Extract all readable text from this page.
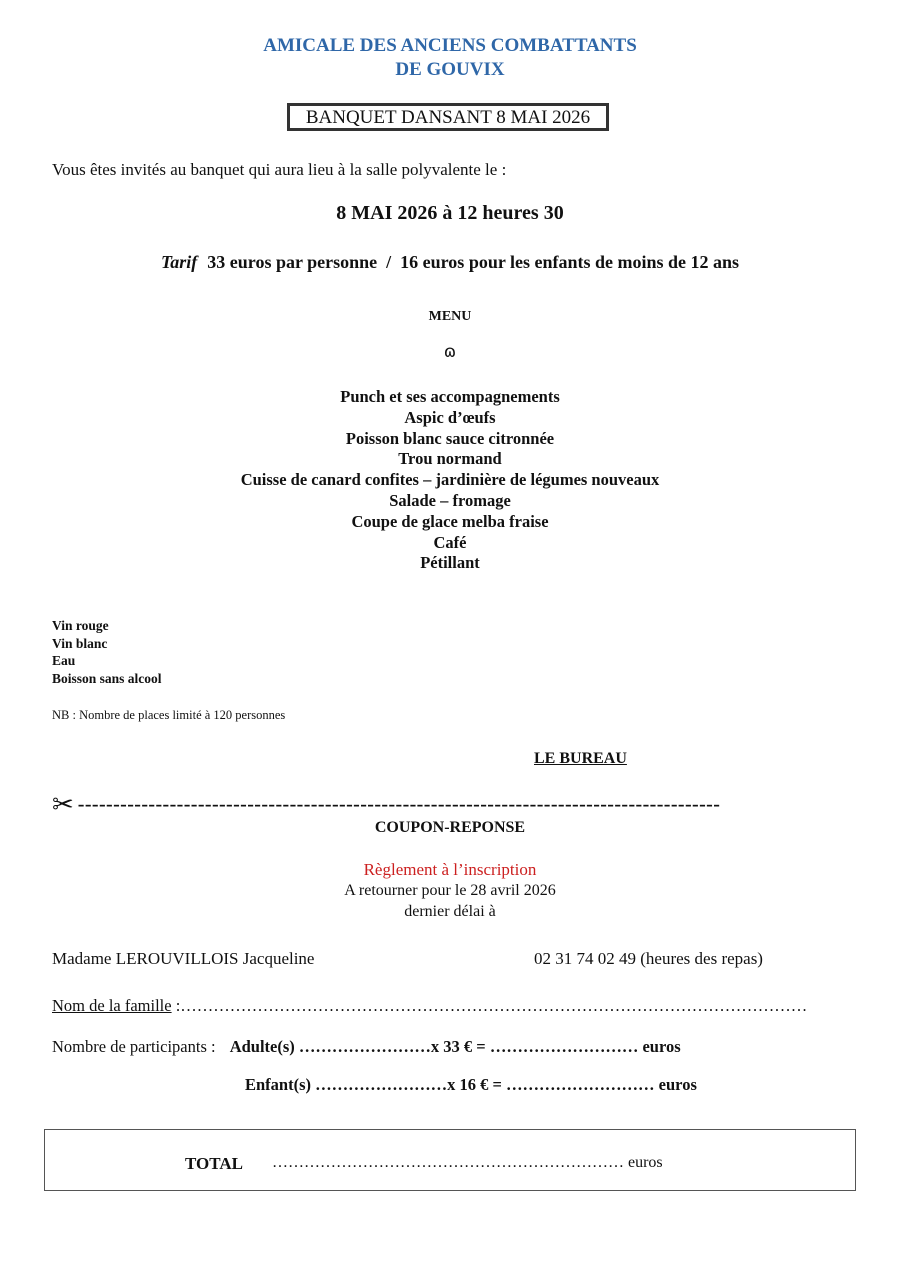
AMICALE DES ANCIENS COMBATTANTS
DE GOUVIX
BANQUET DANSANT 8 MAI 2026
Vous êtes invités au banquet qui aura lieu à la salle polyvalente le :
8 MAI 2026 à 12 heures 30
Tarif 33 euros par personne  /  16 euros pour les enfants de moins de 12 ans
MENU
ɷ
Punch et ses accompagnements
Aspic d’œufs
Poisson blanc sauce citronnée
Trou normand
Cuisse de canard confites – jardinière de légumes nouveaux
Salade – fromage
Coupe de glace melba fraise
Café
Pétillant
Vin rouge
Vin blanc
Eau
Boisson sans alcool
NB : Nombre de places limité à 120 personnes
LE BUREAU
✂ -------------------------------------------------------------------------------------------
COUPON-REPONSE
Règlement à l’inscription
A retourner pour le 28 avril 2026
dernier délai à
Madame LEROUVILLOIS Jacqueline	02 31 74 02 49 (heures des repas)
Nom de la famille :……………………………………………………………………………………………………
Nombre de participants : Adulte(s) ……………………x 33 € = ……………………… euros
Enfant(s) ……………………x 16 € = ……………………… euros
TOTAL ………………………………………………………… euros
